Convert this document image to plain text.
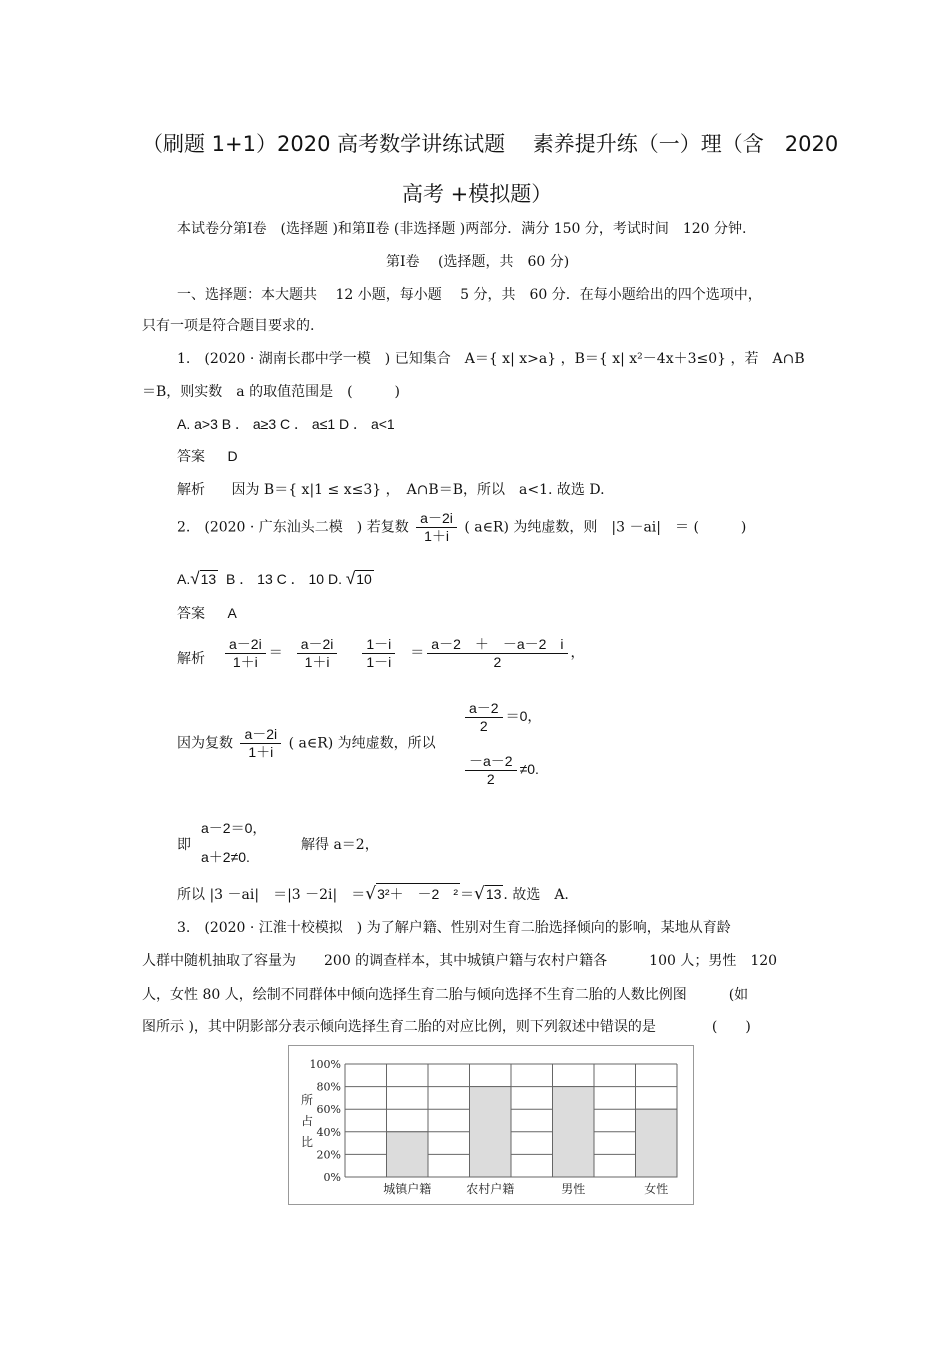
（刷题 1+1）2020 高考数学讲练试题　 素养提升练（一）理（含　2020
高考 +模拟题）
本试卷分第Ⅰ卷　(选择题 )和第Ⅱ卷 (非选择题 )两部分．满分 150 分，考试时间　120 分钟.
第Ⅰ卷　 (选择题，共　60 分)
一、选择题：本大题共　 12 小题，每小题　 5 分，共　60 分．在每小题给出的四个选项中，
只有一项是符合题目要求的.
1.　(2020 · 湖南长郡中学一模　) 已知集合　A＝{ x| x>a} ，B＝{ x| x²－4x＋3≤0} ，若　A∩B
＝B，则实数　a 的取值范围是　(　　　)
A. a>3 B ． a≥3 C ． a≤1 D ． a<1
答案 D
解析 因为 B＝{ x|1 ≤ x≤3} ，　A∩B＝B，所以　a<1. 故选 D.
2.　(2020 · 广东汕头二模　) 若复数 $\frac{a-2i}{1+i}$ ( a∈R) 为纯虚数，则　|3 －ai|　＝ (　　　)
A.√13 B ． 13 C ． 10 D. √10
答案 A
解析 $\frac{a-2i}{1+i} = \frac{a-2i}{1+i} \frac{1-i}{1-i} = \frac{a-2 + -a-2 i}{2}$ ，
因为复数 $\frac{a-2i}{1+i}$ ( a∈R) 为纯虚数，所以
$\frac{a-2}{2} =0$，
$\frac{-a-2}{2} \ne 0$.
即
a－2＝0，
a＋2≠0.
解得 a＝2，
所以 |3 －ai|　＝|3 －2i|　＝√3²＋　－2　² ＝√13 . 故选　A.
3.　(2020 · 江淮十校模拟　) 为了解户籍、性别对生育二胎选择倾向的影响，某地从育龄
人群中随机抽取了容量为　　200 的调查样本，其中城镇户籍与农村户籍各　　　100 人；男性　120
人，女性 80 人，绘制不同群体中倾向选择生育二胎与倾向选择不生育二胎的人数比例图　　　(如
图所示 )，其中阴影部分表示倾向选择生育二胎的对应比例，则下列叙述中错误的是　　　　(　　)
所
占
比
0%
20%
40%
60%
80%
100%
城镇户籍	农村户籍	男性	女性
